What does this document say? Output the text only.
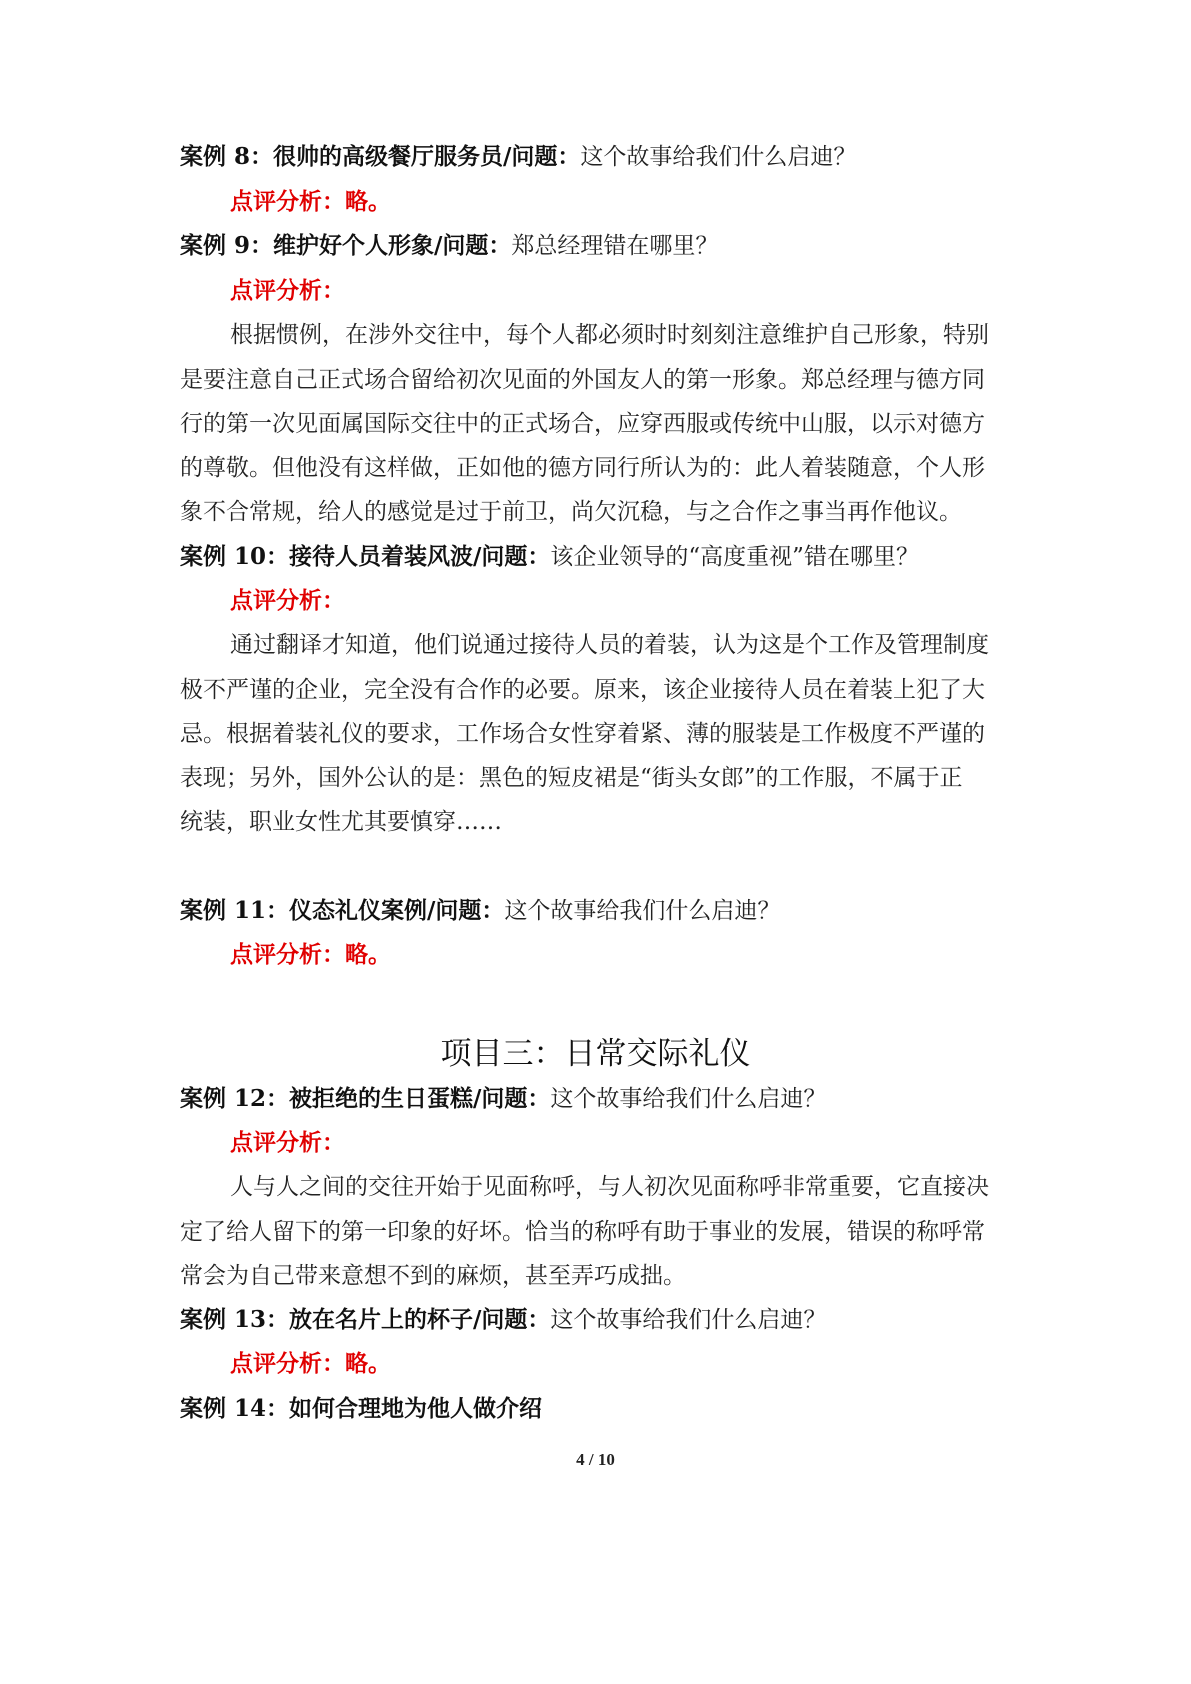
案例 8：很帅的高级餐厅服务员/问题：这个故事给我们什么启迪？
点评分析：略。
案例 9：维护好个人形象/问题：郑总经理错在哪里？
点评分析：
根据惯例，在涉外交往中，每个人都必须时时刻刻注意维护自己形象，特别
是要注意自己正式场合留给初次见面的外国友人的第一形象。郑总经理与德方同
行的第一次见面属国际交往中的正式场合，应穿西服或传统中山服，以示对德方
的尊敬。但他没有这样做，正如他的德方同行所认为的：此人着装随意，个人形
象不合常规，给人的感觉是过于前卫，尚欠沉稳，与之合作之事当再作他议。
案例 10：接待人员着装风波/问题：该企业领导的“高度重视”错在哪里？
点评分析：
通过翻译才知道，他们说通过接待人员的着装，认为这是个工作及管理制度
极不严谨的企业，完全没有合作的必要。原来，该企业接待人员在着装上犯了大
忌。根据着装礼仪的要求，工作场合女性穿着紧、薄的服装是工作极度不严谨的
表现；另外，国外公认的是：黑色的短皮裙是“街头女郎”的工作服，不属于正
统装，职业女性尤其要慎穿……
案例 11：仪态礼仪案例/问题：这个故事给我们什么启迪？
点评分析：略。
项目三：日常交际礼仪
案例 12：被拒绝的生日蛋糕/问题：这个故事给我们什么启迪？
点评分析：
人与人之间的交往开始于见面称呼，与人初次见面称呼非常重要，它直接决
定了给人留下的第一印象的好坏。恰当的称呼有助于事业的发展，错误的称呼常
常会为自己带来意想不到的麻烦，甚至弄巧成拙。
案例 13：放在名片上的杯子/问题：这个故事给我们什么启迪？
点评分析：略。
案例 14：如何合理地为他人做介绍
4 / 10
